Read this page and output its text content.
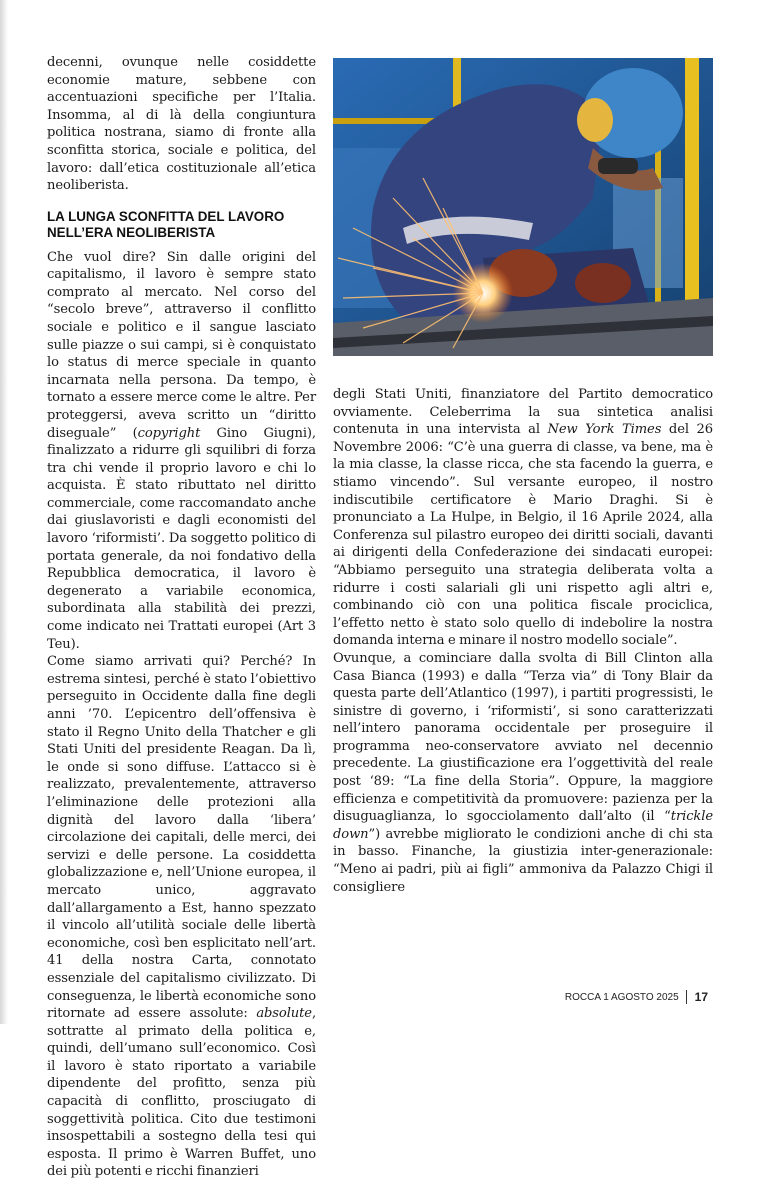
decenni, ovunque nelle cosiddette economie mature, sebbene con accentuazioni specifiche per l’Italia. Insomma, al di là della congiuntura politica nostrana, siamo di fronte alla sconfitta storica, sociale e politica, del lavoro: dall’etica costituzionale all’etica neoliberista.

LA LUNGA SCONFITTA DEL LAVORO NELL’ERA NEOLIBERISTA

Che vuol dire? Sin dalle origini del capitalismo, il lavoro è sempre stato comprato al mercato. Nel corso del “secolo breve”, attraverso il conflitto sociale e politico e il sangue lasciato sulle piazze o sui campi, si è conquistato lo status di merce speciale in quanto incarnata nella persona. Da tempo, è tornato a essere merce come le altre. Per proteggersi, aveva scritto un “diritto diseguale” (copyright Gino Giugni), finalizzato a ridurre gli squilibri di forza tra chi vende il proprio lavoro e chi lo acquista. È stato ributtato nel diritto commerciale, come raccomandato anche dai giuslavoristi e dagli economisti del lavoro ‘riformisti’. Da soggetto politico di portata generale, da noi fondativo della Repubblica democratica, il lavoro è degenerato a variabile economica, subordinata alla stabilità dei prezzi, come indicato nei Trattati europei (Art 3 Teu).

Come siamo arrivati qui? Perché? In estrema sintesi, perché è stato l’obiettivo perseguito in Occidente dalla fine degli anni ’70. L’epicentro dell’offensiva è stato il Regno Unito della Thatcher e gli Stati Uniti del presidente Reagan. Da lì, le onde si sono diffuse. L’attacco si è realizzato, prevalentemente, attraverso l’eliminazione delle protezioni alla dignità del lavoro dalla ‘libera’ circolazione dei capitali, delle merci, dei servizi e delle persone. La cosiddetta globalizzazione e, nell’Unione europea, il mercato unico, aggravato dall’allargamento a Est, hanno spezzato il vincolo all’utilità sociale delle libertà economiche, così ben esplicitato nell’art. 41 della nostra Carta, connotato essenziale del capitalismo civilizzato. Di conseguenza, le libertà economiche sono ritornate ad essere assolute: absolute, sottratte al primato della politica e, quindi, dell’umano sull’economico. Così il lavoro è stato riportato a variabile dipendente del profitto, senza più capacità di conflitto, prosciugato di soggettività politica. Cito due testimoni insospettabili a sostegno della tesi qui esposta. Il primo è Warren Buffet, uno dei più potenti e ricchi finanzieri

degli Stati Uniti, finanziatore del Partito democratico ovviamente. Celeberrima la sua sintetica analisi contenuta in una intervista al New York Times del 26 Novembre 2006: “C’è una guerra di classe, va bene, ma è la mia classe, la classe ricca, che sta facendo la guerra, e stiamo vincendo”. Sul versante europeo, il nostro indiscutibile certificatore è Mario Draghi. Si è pronunciato a La Hulpe, in Belgio, il 16 Aprile 2024, alla Conferenza sul pilastro europeo dei diritti sociali, davanti ai dirigenti della Confederazione dei sindacati europei: “Abbiamo perseguito una strategia deliberata volta a ridurre i costi salariali gli uni rispetto agli altri e, combinando ciò con una politica fiscale prociclica, l’effetto netto è stato solo quello di indebolire la nostra domanda interna e minare il nostro modello sociale”.

Ovunque, a cominciare dalla svolta di Bill Clinton alla Casa Bianca (1993) e dalla “Terza via” di Tony Blair da questa parte dell’Atlantico (1997), i partiti progressisti, le sinistre di governo, i ‘riformisti’, si sono caratterizzati nell’intero panorama occidentale per proseguire il programma neo-conservatore avviato nel decennio precedente. La giustificazione era l’oggettività del reale post ‘89: “La fine della Storia”. Oppure, la maggiore efficienza e competitività da promuovere: pazienza per la disuguaglianza, lo sgocciolamento dall’alto (il “trickle down”) avrebbe migliorato le condizioni anche di chi sta in basso. Finanche, la giustizia inter-generazionale: “Meno ai padri, più ai figli” ammoniva da Palazzo Chigi il consigliere

ROCCA 1 AGOSTO 2025 17
